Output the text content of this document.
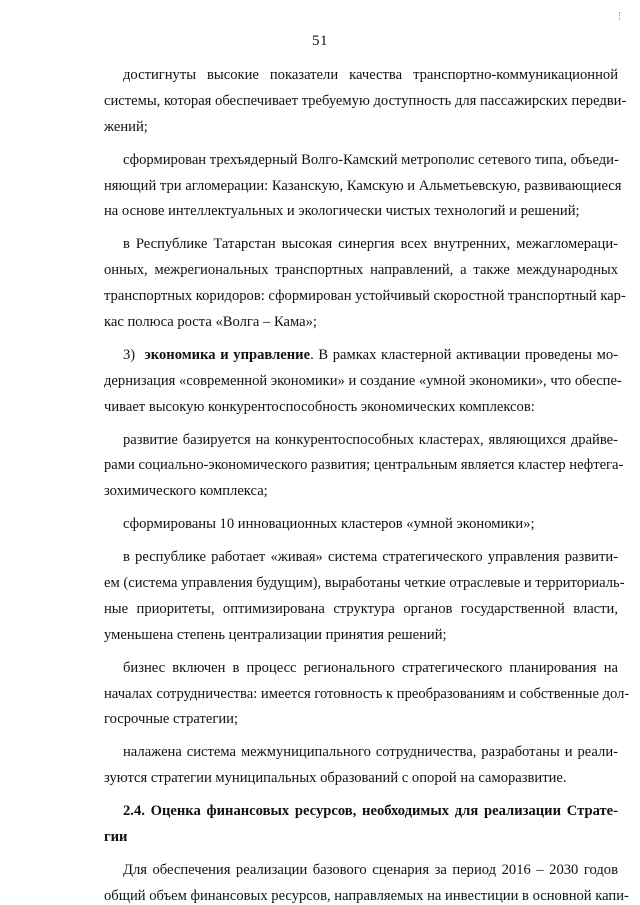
51
достигнуты высокие показатели качества транспортно-коммуникационной
системы, которая обеспечивает требуемую доступность для пассажирских передви-
жений;
сформирован трехъядерный Волго-Камский метрополис сетевого типа, объеди-
няющий три агломерации: Казанскую, Камскую и Альметьевскую, развивающиеся
на основе интеллектуальных и экологически чистых технологий и решений;
в Республике Татарстан высокая синергия всех внутренних, межагломераци-
онных, межрегиональных транспортных направлений, а также международных
транспортных коридоров: сформирован устойчивый скоростной транспортный кар-
кас полюса роста «Волга – Кама»;
3) экономика и управление. В рамках кластерной активации проведены мо-
дернизация «современной экономики» и создание «умной экономики», что обеспе-
чивает высокую конкурентоспособность экономических комплексов:
развитие базируется на конкурентоспособных кластерах, являющихся драйве-
рами социально-экономического развития; центральным является кластер нефтега-
зохимического комплекса;
сформированы 10 инновационных кластеров «умной экономики»;
в республике работает «живая» система стратегического управления развити-
ем (система управления будущим), выработаны четкие отраслевые и территориаль-
ные приоритеты, оптимизирована структура органов государственной власти,
уменьшена степень централизации принятия решений;
бизнес включен в процесс регионального стратегического планирования на
началах сотрудничества: имеется готовность к преобразованиям и собственные дол-
госрочные стратегии;
налажена система межмуниципального сотрудничества, разработаны и реали-
зуются стратегии муниципальных образований с опорой на саморазвитие.
2.4. Оценка финансовых ресурсов, необходимых для реализации Страте-
гии
Для обеспечения реализации базового сценария за период 2016 – 2030 годов
общий объем финансовых ресурсов, направляемых на инвестиции в основной капи-
